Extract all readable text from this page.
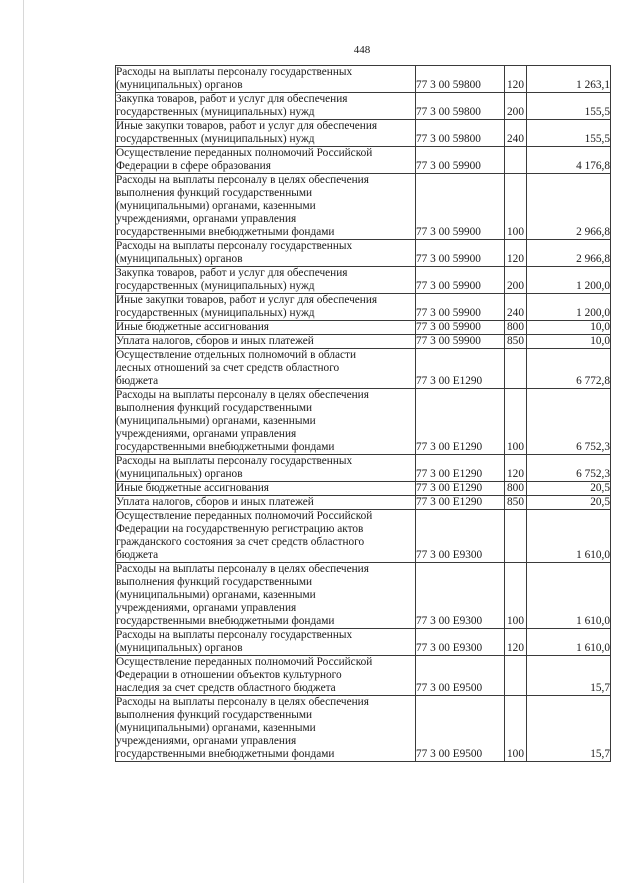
448
Расходы на выплаты персоналу государственных
(муниципальных) органов	77 3 00 59800	120	1 263,1

Закупка товаров, работ и услуг для обеспечения
государственных (муниципальных) нужд	77 3 00 59800	200	155,5

Иные закупки товаров, работ и услуг для обеспечения
государственных (муниципальных) нужд	77 3 00 59800	240	155,5

Осуществление переданных полномочий Российской
Федерации в сфере образования	77 3 00 59900		4 176,8

Расходы на выплаты персоналу в целях обеспечения
выполнения функций государственными
(муниципальными) органами, казенными
учреждениями, органами управления
государственными внебюджетными фондами	77 3 00 59900	100	2 966,8

Расходы на выплаты персоналу государственных
(муниципальных) органов	77 3 00 59900	120	2 966,8

Закупка товаров, работ и услуг для обеспечения
государственных (муниципальных) нужд	77 3 00 59900	200	1 200,0

Иные закупки товаров, работ и услуг для обеспечения
государственных (муниципальных) нужд	77 3 00 59900	240	1 200,0

Иные бюджетные ассигнования	77 3 00 59900	800	10,0

Уплата налогов, сборов и иных платежей	77 3 00 59900	850	10,0

Осуществление отдельных полномочий в области
лесных отношений за счет средств областного
бюджета	77 3 00 E1290		6 772,8

Расходы на выплаты персоналу в целях обеспечения
выполнения функций государственными
(муниципальными) органами, казенными
учреждениями, органами управления
государственными внебюджетными фондами	77 3 00 E1290	100	6 752,3

Расходы на выплаты персоналу государственных
(муниципальных) органов	77 3 00 E1290	120	6 752,3

Иные бюджетные ассигнования	77 3 00 E1290	800	20,5

Уплата налогов, сборов и иных платежей	77 3 00 E1290	850	20,5

Осуществление переданных полномочий Российской
Федерации на государственную регистрацию актов
гражданского состояния за счет средств областного
бюджета	77 3 00 E9300		1 610,0

Расходы на выплаты персоналу в целях обеспечения
выполнения функций государственными
(муниципальными) органами, казенными
учреждениями, органами управления
государственными внебюджетными фондами	77 3 00 E9300	100	1 610,0

Расходы на выплаты персоналу государственных
(муниципальных) органов	77 3 00 E9300	120	1 610,0

Осуществление переданных полномочий Российской
Федерации в отношении объектов культурного
наследия за счет средств областного бюджета	77 3 00 E9500		15,7

Расходы на выплаты персоналу в целях обеспечения
выполнения функций государственными
(муниципальными) органами, казенными
учреждениями, органами управления
государственными внебюджетными фондами	77 3 00 E9500	100	15,7
